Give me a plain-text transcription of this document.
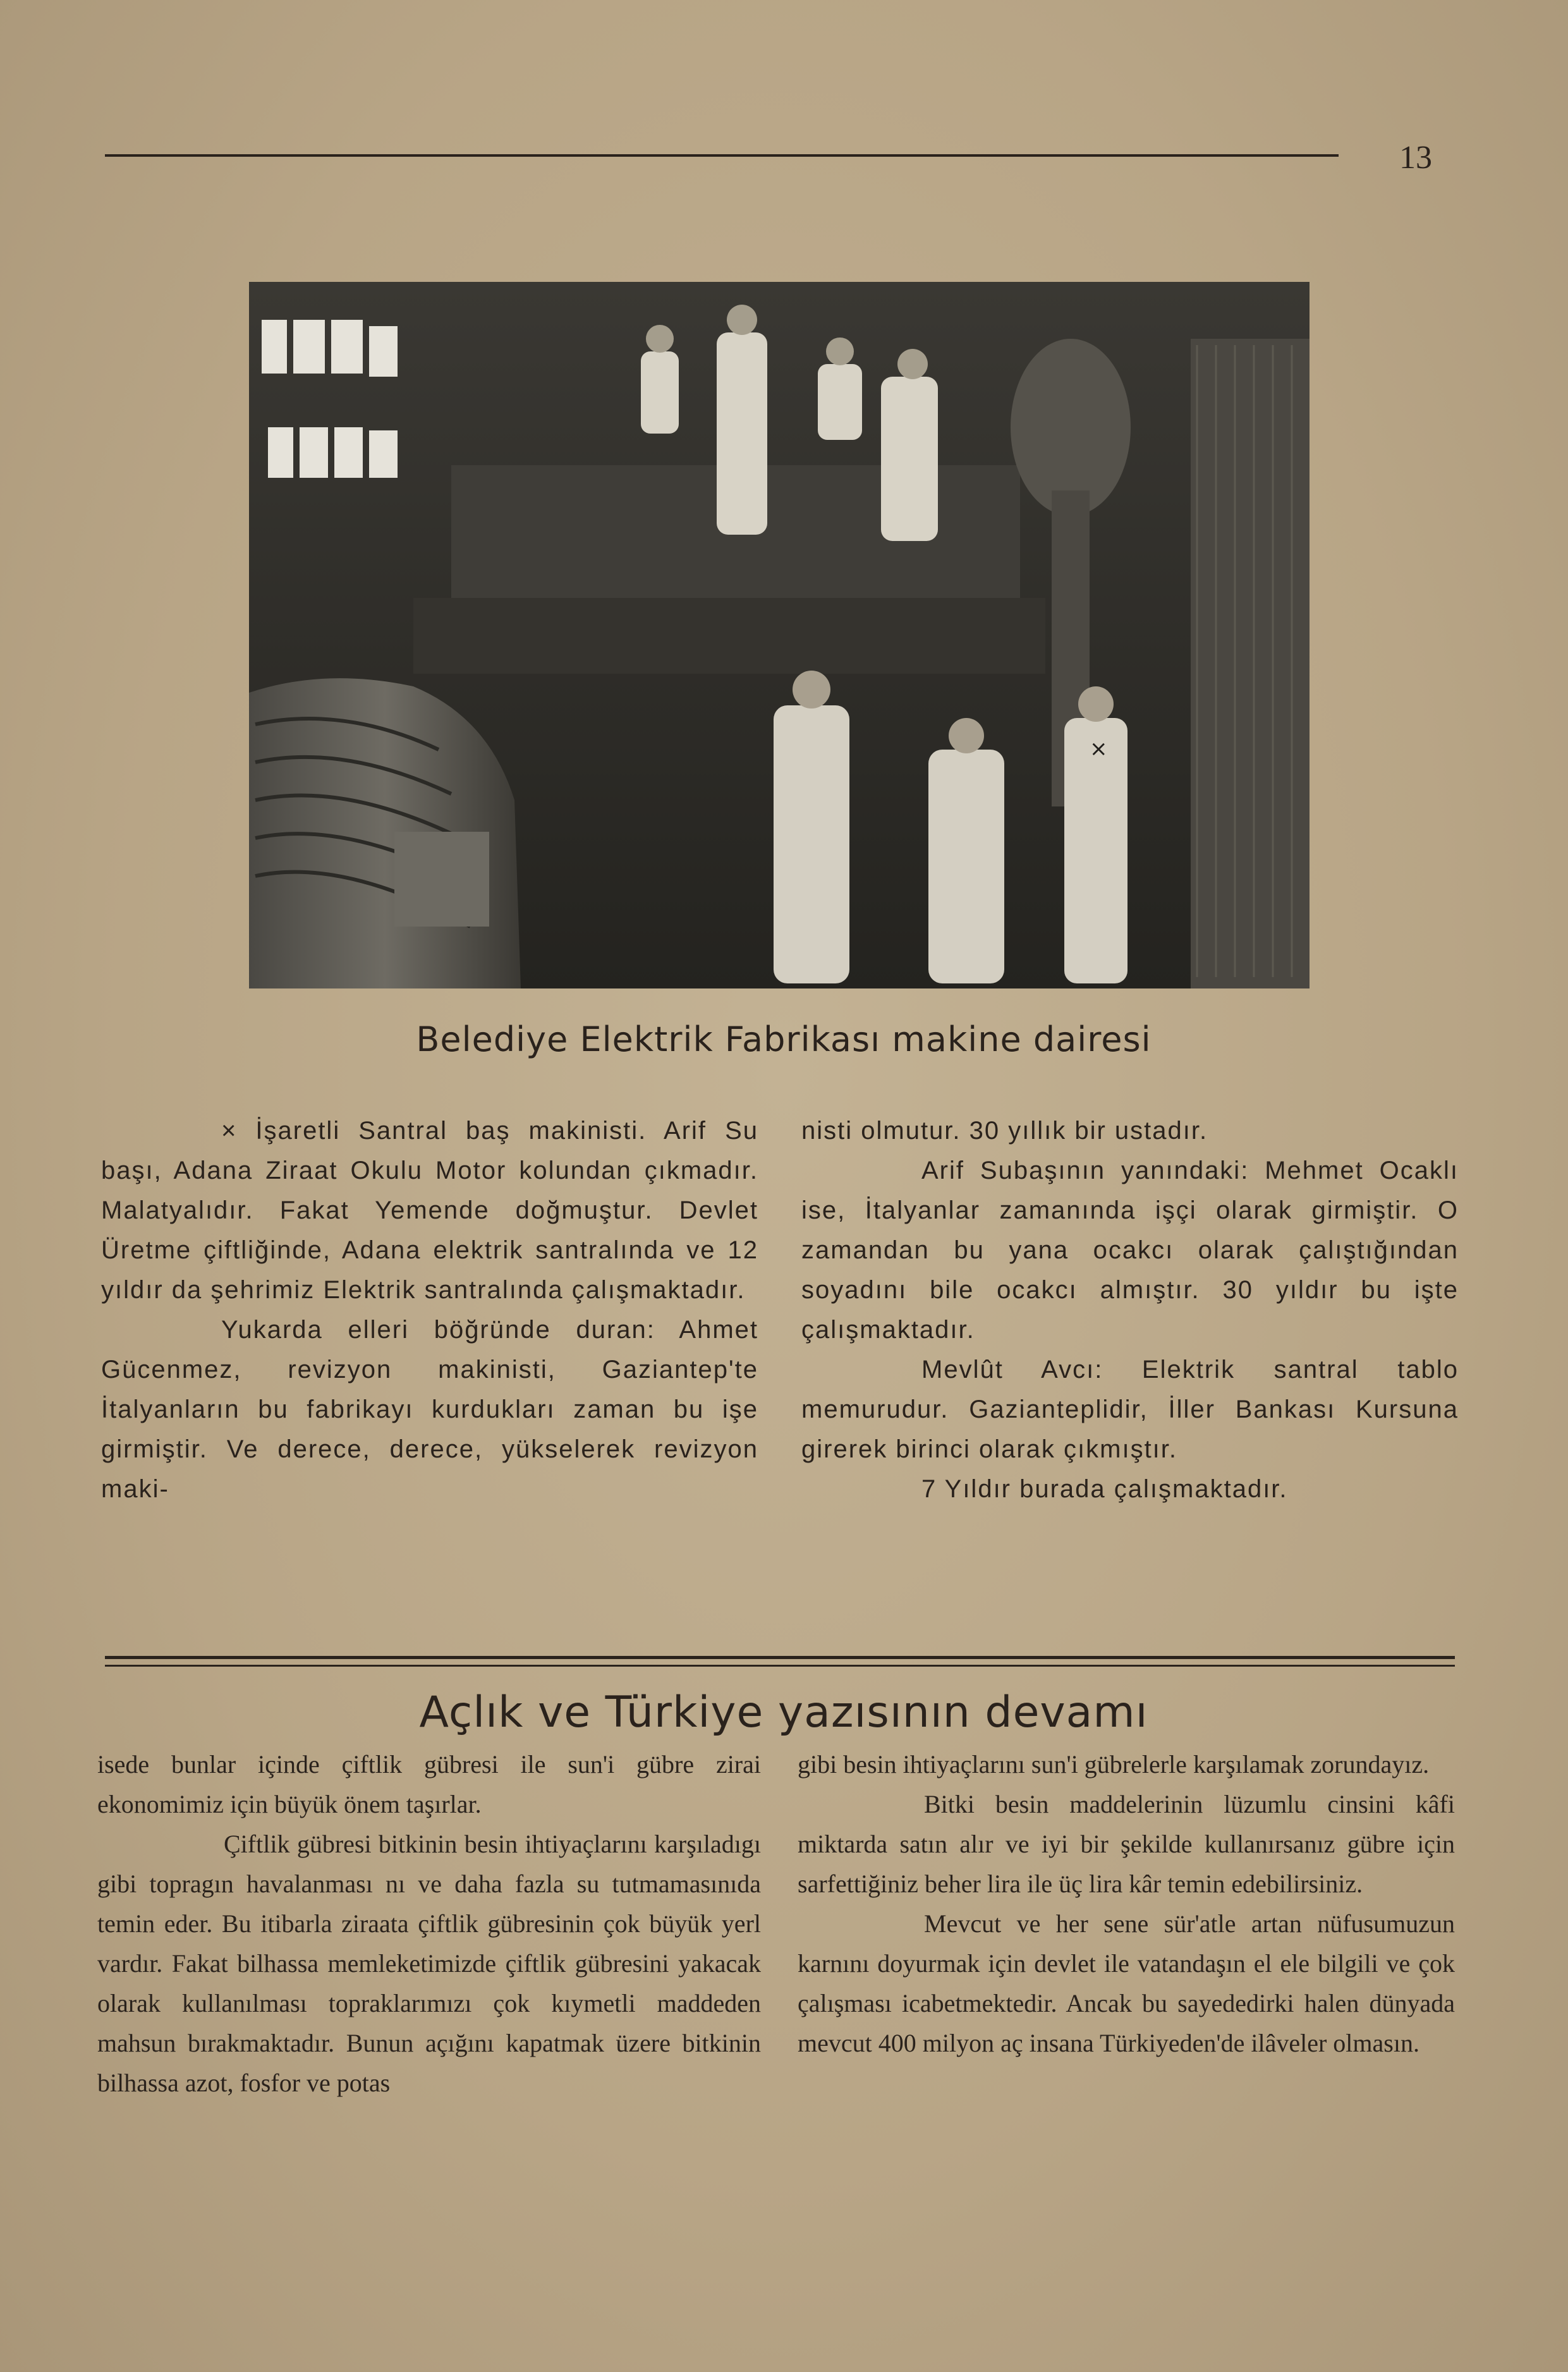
13
×
Belediye Elektrik Fabrikası makine dairesi

× İşaretli Santral baş makinisti. Arif Su başı, Adana Ziraat Okulu Motor kolundan çıkmadır. Malatyalıdır. Fakat Yemende doğmuştur. Devlet Üretme çiftliğinde, Adana elektrik santralında ve 12 yıldır da şehrimiz Elektrik santralında çalışmaktadır.

Yukarda elleri böğründe duran: Ahmet Gücenmez, revizyon makinisti, Gaziantep'te İtalyanların bu fabrikayı kurdukları zaman bu işe girmiştir. Ve derece, derece, yükselerek revizyon maki-

nisti olmutur. 30 yıllık bir ustadır.

Arif Subaşının yanındaki: Mehmet Ocaklı ise, İtalyanlar zamanında işçi olarak girmiştir. O zamandan bu yana ocakcı olarak çalıştığından soyadını bile ocakcı almıştır. 30 yıldır bu işte çalışmaktadır.

Mevlût Avcı: Elektrik santral tablo memurudur. Gazianteplidir, İller Bankası Kursuna girerek birinci olarak çıkmıştır.

7 Yıldır burada çalışmaktadır.

Açlık ve Türkiye yazısının devamı

isede bunlar içinde çiftlik gübresi ile sun'i gübre zirai ekonomimiz için büyük önem taşırlar.

Çiftlik gübresi bitkinin besin ihtiyaçlarını karşıladıgı gibi topragın havalanması nı ve daha fazla su tutmamasınıda temin eder. Bu itibarla ziraata çiftlik gübresinin çok büyük yerl vardır. Fakat bilhassa memleketimizde çiftlik gübresini yakacak olarak kullanılması topraklarımızı çok kıymetli maddeden mahsun bırakmaktadır. Bunun açığını kapatmak üzere bitkinin bilhassa azot, fosfor ve potas

gibi besin ihtiyaçlarını sun'i gübrelerle karşılamak zorundayız.

Bitki besin maddelerinin lüzumlu cinsini kâfi miktarda satın alır ve iyi bir şekilde kullanırsanız gübre için sarfettiğiniz beher lira ile üç lira kâr temin edebilirsiniz.

Mevcut ve her sene sür'atle artan nüfusumuzun karnını doyurmak için devlet ile vatandaşın el ele bilgili ve çok çalışması icabetmektedir. Ancak bu sayededirki halen dünyada mevcut 400 milyon aç insana Türkiyeden'de ilâveler olmasın.
